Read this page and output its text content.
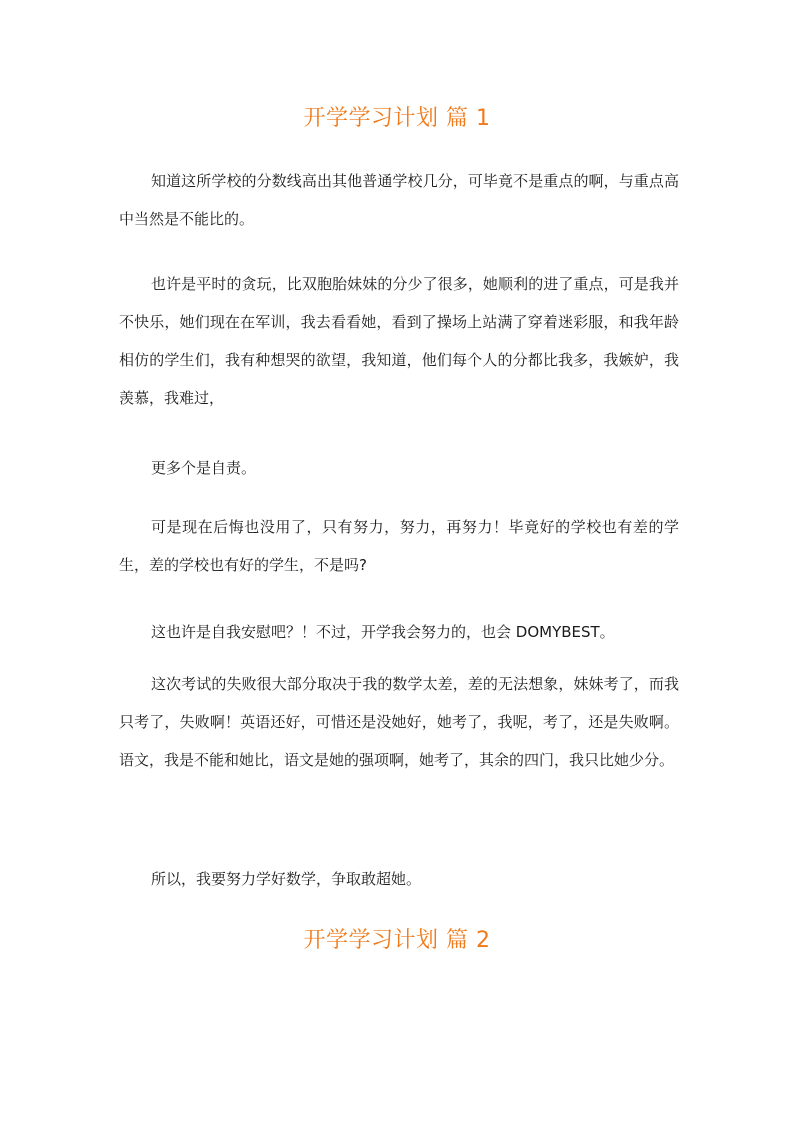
开学学习计划 篇 1

知道这所学校的分数线高出其他普通学校几分，可毕竟不是重点的啊，与重点高中当然是不能比的。

也许是平时的贪玩，比双胞胎妹妹的分少了很多，她顺利的进了重点，可是我并不快乐，她们现在在军训，我去看看她，看到了操场上站满了穿着迷彩服，和我年龄相仿的学生们，我有种想哭的欲望，我知道，他们每个人的分都比我多，我嫉妒，我羡慕，我难过，

更多个是自责。

可是现在后悔也没用了，只有努力，努力，再努力！毕竟好的学校也有差的学生，差的学校也有好的学生，不是吗?

这也许是自我安慰吧？！不过，开学我会努力的，也会 DOMYBEST。

这次考试的失败很大部分取决于我的数学太差，差的无法想象，妹妹考了，而我只考了，失败啊！英语还好，可惜还是没她好，她考了，我呢，考了，还是失败啊。语文，我是不能和她比，语文是她的强项啊，她考了，其余的四门，我只比她少分。

所以，我要努力学好数学，争取敢超她。

开学学习计划 篇 2
